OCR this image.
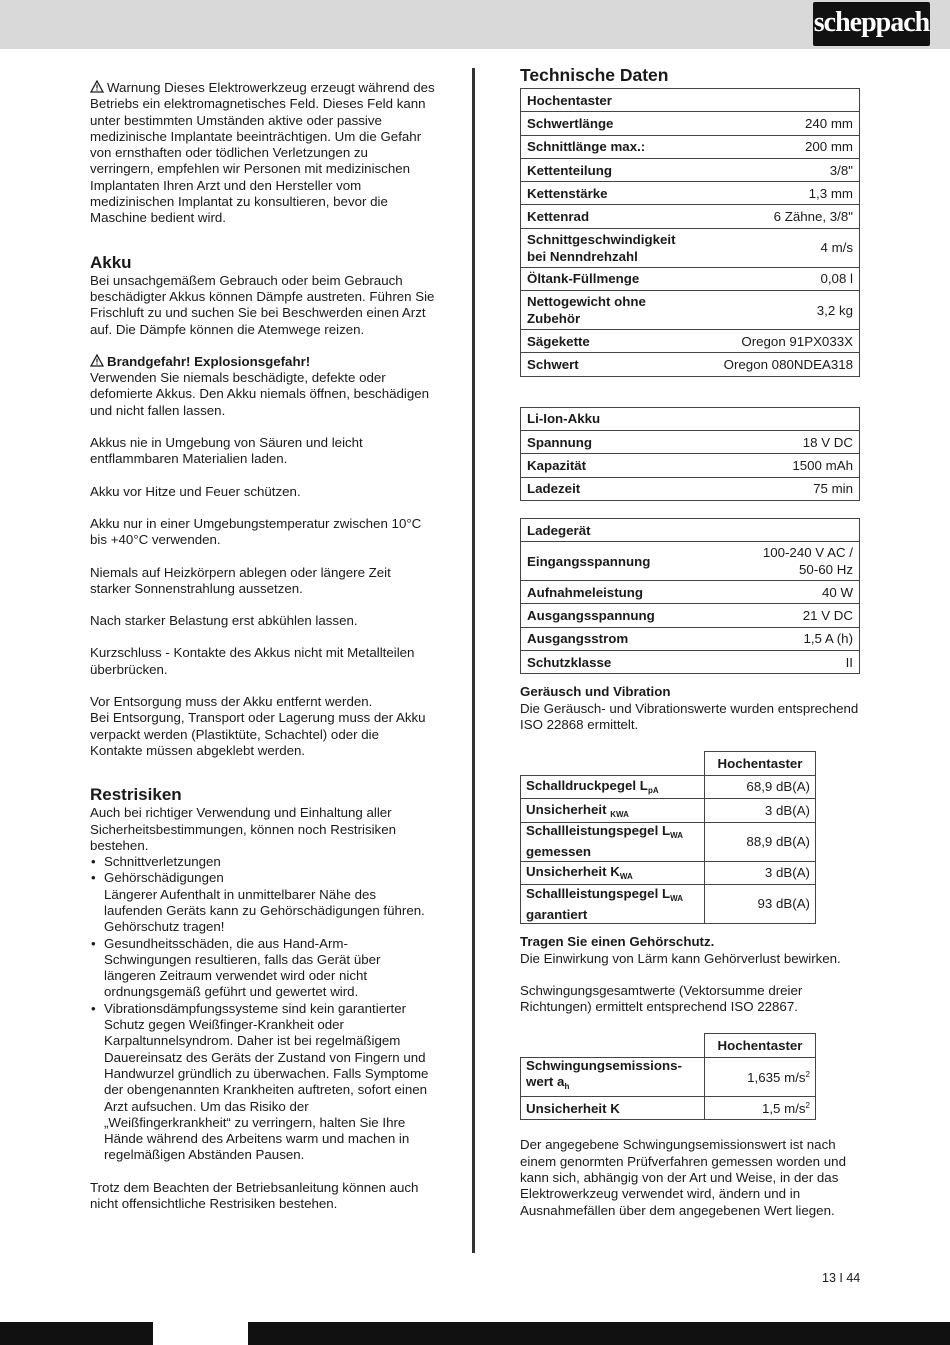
scheppach

Warnung Dieses Elektrowerkzeug erzeugt während des Betriebs ein elektromagnetisches Feld. Dieses Feld kann unter bestimmten Umständen aktive oder passive medizinische Implantate beeinträchtigen. Um die Gefahr von ernsthaften oder tödlichen Verletzungen zu verringern, empfehlen wir Personen mit medizinischen Implantaten Ihren Arzt und den Hersteller vom medizinischen Implantat zu konsultieren, bevor die Maschine bedient wird.

Akku

Bei unsachgemäßem Gebrauch oder beim Gebrauch beschädigter Akkus können Dämpfe austreten. Führen Sie Frischluft zu und suchen Sie bei Beschwerden einen Arzt auf. Die Dämpfe können die Atemwege reizen.

Brandgefahr! Explosionsgefahr!

Verwenden Sie niemals beschädigte, defekte oder defomierte Akkus. Den Akku niemals öffnen, beschädigen und nicht fallen lassen.

Akkus nie in Umgebung von Säuren und leicht entflammbaren Materialien laden.

Akku vor Hitze und Feuer schützen.

Akku nur in einer Umgebungstemperatur zwischen 10°C bis +40°C verwenden.

Niemals auf Heizkörpern ablegen oder längere Zeit starker Sonnenstrahlung aussetzen.

Nach starker Belastung erst abkühlen lassen.

Kurzschluss - Kontakte des Akkus nicht mit Metallteilen überbrücken.

Vor Entsorgung muss der Akku entfernt werden.

Bei Entsorgung, Transport oder Lagerung muss der Akku verpackt werden (Plastiktüte, Schachtel) oder die Kontakte müssen abgeklebt werden.

Restrisiken

Auch bei richtiger Verwendung und Einhaltung aller Sicherheitsbestimmungen, können noch Restrisiken bestehen.

• Schnittverletzungen
• Gehörschädigungen
Längerer Aufenthalt in unmittelbarer Nähe des laufenden Geräts kann zu Gehörschädigungen führen. Gehörschutz tragen!
• Gesundheitsschäden, die aus Hand-Arm-Schwingungen resultieren, falls das Gerät über längeren Zeitraum verwendet wird oder nicht ordnungsgemäß geführt und gewertet wird.
• Vibrationsdämpfungssysteme sind kein garantierter Schutz gegen Weißfinger-Krankheit oder Karpaltunnelsyndrom. Daher ist bei regelmäßigem Dauereinsatz des Geräts der Zustand von Fingern und Handwurzel gründlich zu überwachen. Falls Symptome der obengenannten Krankheiten auftreten, sofort einen Arzt aufsuchen. Um das Risiko der „Weißfingerkrankheit“ zu verringern, halten Sie Ihre Hände während des Arbeitens warm und machen in regelmäßigen Abständen Pausen.

Trotz dem Beachten der Betriebsanleitung können auch nicht offensichtliche Restrisiken bestehen.

Technische Daten

Hochentaster	
Schwertlänge	240 mm
Schnittlänge max.:	200 mm
Kettenteilung	3/8"
Kettenstärke	1,3 mm
Kettenrad	6 Zähne, 3/8"
Schnittgeschwindigkeit bei Nenndrehzahl	4 m/s
Öltank-Füllmenge	0,08 l
Nettogewicht ohne Zubehör	3,2 kg
Sägekette	Oregon 91PX033X
Schwert	Oregon 080NDEA318
Li-Ion-Akku	
Spannung	18 V DC
Kapazität	1500 mAh
Ladezeit	75 min
Ladegerät	
Eingangsspannung	100-240 V AC / 50-60 Hz
Aufnahmeleistung	40 W
Ausgangsspannung	21 V DC
Ausgangsstrom	1,5 A (h)
Schutzklasse	II

Geräusch und Vibration

Die Geräusch- und Vibrationswerte wurden entsprechend ISO 22868 ermittelt.

	Hochentaster
Schalldruckpegel $L_{pA}$	68,9 dB(A)
Unsicherheit $_{KWA}$	3 dB(A)
Schallleistungspegel $L_{WA}$
gemessen	88,9 dB(A)
Unsicherheit $K_{WA}$	3 dB(A)
Schallleistungspegel $L_{WA}$
garantiert	93 dB(A)

Tragen Sie einen Gehörschutz.

Die Einwirkung von Lärm kann Gehörverlust bewirken.

Schwingungsgesamtwerte (Vektorsumme dreier Richtungen) ermittelt entsprechend ISO 22867.

	Hochentaster
Schwingungsemissions-
wert $a_h$	1,635 $m/s^2$
Unsicherheit K	1,5 $m/s^2$

Der angegebene Schwingungsemissionswert ist nach einem genormten Prüfverfahren gemessen worden und kann sich, abhängig von der Art und Weise, in der das Elektrowerkzeug verwendet wird, ändern und in Ausnahmefällen über dem angegebenen Wert liegen.

13 I 44
